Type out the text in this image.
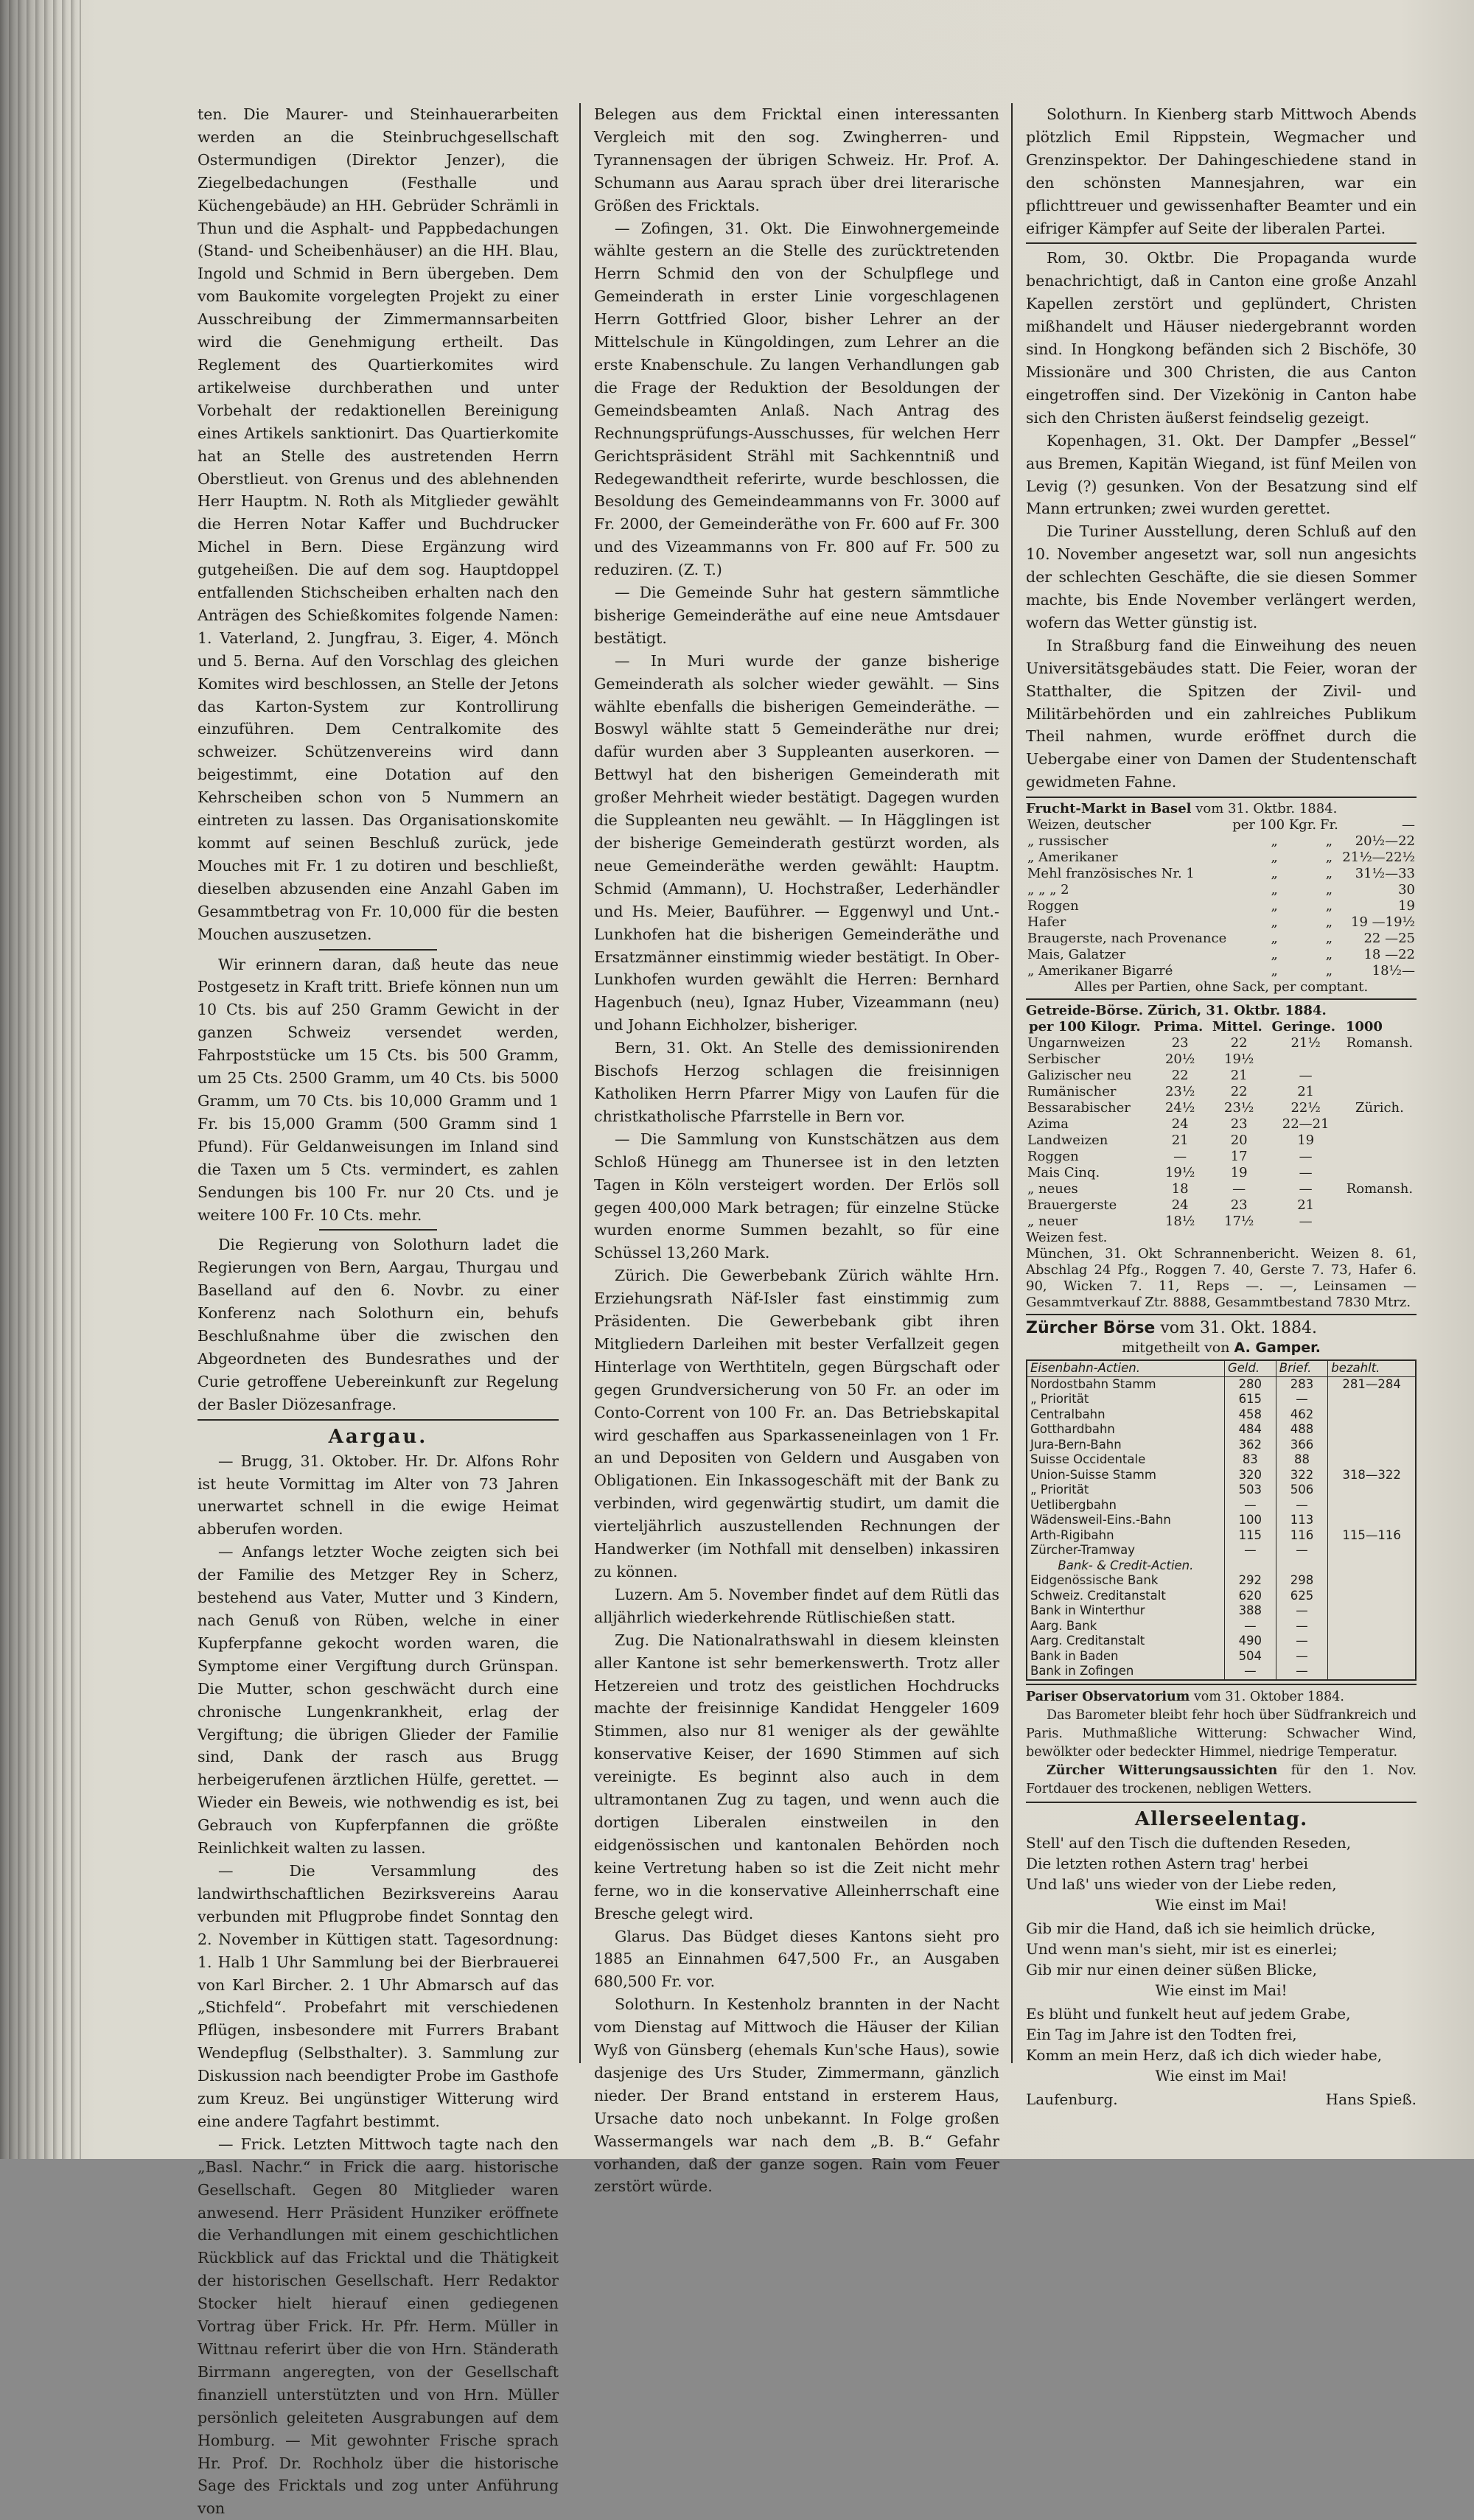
ten. Die Maurer- und Steinhauerarbeiten werden an die Steinbruchgesellschaft Ostermundigen (Direktor Jenzer), die Ziegelbedachungen (Festhalle und Küchengebäude) an HH. Gebrüder Schrämli in Thun und die Asphalt- und Pappbedachungen (Stand- und Scheibenhäuser) an die HH. Blau, Ingold und Schmid in Bern übergeben. Dem vom Baukomite vorgelegten Projekt zu einer Ausschreibung der Zimmermannsarbeiten wird die Genehmigung ertheilt. Das Reglement des Quartierkomites wird artikelweise durchberathen und unter Vorbehalt der redaktionellen Bereinigung eines Artikels sanktionirt. Das Quartierkomite hat an Stelle des austretenden Herrn Oberstlieut. von Grenus und des ablehnenden Herr Hauptm. N. Roth als Mitglieder gewählt die Herren Notar Kaffer und Buchdrucker Michel in Bern. Diese Ergänzung wird gutgeheißen. Die auf dem sog. Hauptdoppel entfallenden Stichscheiben erhalten nach den Anträgen des Schießkomites folgende Namen: 1. Vaterland, 2. Jungfrau, 3. Eiger, 4. Mönch und 5. Berna. Auf den Vorschlag des gleichen Komites wird beschlossen, an Stelle der Jetons das Karton-System zur Kontrollirung einzuführen. Dem Centralkomite des schweizer. Schützenvereins wird dann beigestimmt, eine Dotation auf den Kehrscheiben schon von 5 Nummern an eintreten zu lassen. Das Organisationskomite kommt auf seinen Beschluß zurück, jede Mouches mit Fr. 1 zu dotiren und beschließt, dieselben abzusenden eine Anzahl Gaben im Gesammtbetrag von Fr. 10,000 für die besten Mouchen auszusetzen.

Wir erinnern daran, daß heute das neue Postgesetz in Kraft tritt. Briefe können nun um 10 Cts. bis auf 250 Gramm Gewicht in der ganzen Schweiz versendet werden, Fahrpoststücke um 15 Cts. bis 500 Gramm, um 25 Cts. 2500 Gramm, um 40 Cts. bis 5000 Gramm, um 70 Cts. bis 10,000 Gramm und 1 Fr. bis 15,000 Gramm (500 Gramm sind 1 Pfund). Für Geldanweisungen im Inland sind die Taxen um 5 Cts. vermindert, es zahlen Sendungen bis 100 Fr. nur 20 Cts. und je weitere 100 Fr. 10 Cts. mehr.

Die Regierung von Solothurn ladet die Regierungen von Bern, Aargau, Thurgau und Baselland auf den 6. Novbr. zu einer Konferenz nach Solothurn ein, behufs Beschlußnahme über die zwischen den Abgeordneten des Bundesrathes und der Curie getroffene Uebereinkunft zur Regelung der Basler Diözesanfrage.

Aargau.

— Brugg, 31. Oktober. Hr. Dr. Alfons Rohr ist heute Vormittag im Alter von 73 Jahren unerwartet schnell in die ewige Heimat abberufen worden.

— Anfangs letzter Woche zeigten sich bei der Familie des Metzger Rey in Scherz, bestehend aus Vater, Mutter und 3 Kindern, nach Genuß von Rüben, welche in einer Kupferpfanne gekocht worden waren, die Symptome einer Vergiftung durch Grünspan. Die Mutter, schon geschwächt durch eine chronische Lungenkrankheit, erlag der Vergiftung; die übrigen Glieder der Familie sind, Dank der rasch aus Brugg herbeigerufenen ärztlichen Hülfe, gerettet. — Wieder ein Beweis, wie nothwendig es ist, bei Gebrauch von Kupferpfannen die größte Reinlichkeit walten zu lassen.

— Die Versammlung des landwirthschaftlichen Bezirksvereins Aarau verbunden mit Pflugprobe findet Sonntag den 2. November in Küttigen statt. Tagesordnung: 1. Halb 1 Uhr Sammlung bei der Bierbrauerei von Karl Bircher. 2. 1 Uhr Abmarsch auf das „Stichfeld“. Probefahrt mit verschiedenen Pflügen, insbesondere mit Furrers Brabant Wendepflug (Selbsthalter). 3. Sammlung zur Diskussion nach beendigter Probe im Gasthofe zum Kreuz. Bei ungünstiger Witterung wird eine andere Tagfahrt bestimmt.

— Frick. Letzten Mittwoch tagte nach den „Basl. Nachr.“ in Frick die aarg. historische Gesellschaft. Gegen 80 Mitglieder waren anwesend. Herr Präsident Hunziker eröffnete die Verhandlungen mit einem geschichtlichen Rückblick auf das Fricktal und die Thätigkeit der historischen Gesellschaft. Herr Redaktor Stocker hielt hierauf einen gediegenen Vortrag über Frick. Hr. Pfr. Herm. Müller in Wittnau referirt über die von Hrn. Ständerath Birrmann angeregten, von der Gesellschaft finanziell unterstützten und von Hrn. Müller persönlich geleiteten Ausgrabungen auf dem Homburg. — Mit gewohnter Frische sprach Hr. Prof. Dr. Rochholz über die historische Sage des Fricktals und zog unter Anführung von

Belegen aus dem Fricktal einen interessanten Vergleich mit den sog. Zwingherren- und Tyrannensagen der übrigen Schweiz. Hr. Prof. A. Schumann aus Aarau sprach über drei literarische Größen des Fricktals.

— Zofingen, 31. Okt. Die Einwohnergemeinde wählte gestern an die Stelle des zurücktretenden Herrn Schmid den von der Schulpflege und Gemeinderath in erster Linie vorgeschlagenen Herrn Gottfried Gloor, bisher Lehrer an der Mittelschule in Küngoldingen, zum Lehrer an die erste Knabenschule. Zu langen Verhandlungen gab die Frage der Reduktion der Besoldungen der Gemeindsbeamten Anlaß. Nach Antrag des Rechnungsprüfungs-Ausschusses, für welchen Herr Gerichtspräsident Strähl mit Sachkenntniß und Redegewandtheit referirte, wurde beschlossen, die Besoldung des Gemeindeammanns von Fr. 3000 auf Fr. 2000, der Gemeinderäthe von Fr. 600 auf Fr. 300 und des Vizeammanns von Fr. 800 auf Fr. 500 zu reduziren. (Z. T.)

— Die Gemeinde Suhr hat gestern sämmtliche bisherige Gemeinderäthe auf eine neue Amtsdauer bestätigt.

— In Muri wurde der ganze bisherige Gemeinderath als solcher wieder gewählt. — Sins wählte ebenfalls die bisherigen Gemeinderäthe. — Boswyl wählte statt 5 Gemeinderäthe nur drei; dafür wurden aber 3 Suppleanten auserkoren. — Bettwyl hat den bisherigen Gemeinderath mit großer Mehrheit wieder bestätigt. Dagegen wurden die Suppleanten neu gewählt. — In Hägglingen ist der bisherige Gemeinderath gestürzt worden, als neue Gemeinderäthe werden gewählt: Hauptm. Schmid (Ammann), U. Hochstraßer, Lederhändler und Hs. Meier, Bauführer. — Eggenwyl und Unt.-Lunkhofen hat die bisherigen Gemeinderäthe und Ersatzmänner einstimmig wieder bestätigt. In Ober-Lunkhofen wurden gewählt die Herren: Bernhard Hagenbuch (neu), Ignaz Huber, Vizeammann (neu) und Johann Eichholzer, bisheriger.

Bern, 31. Okt. An Stelle des demissionirenden Bischofs Herzog schlagen die freisinnigen Katholiken Herrn Pfarrer Migy von Laufen für die christkatholische Pfarrstelle in Bern vor.

— Die Sammlung von Kunstschätzen aus dem Schloß Hünegg am Thunersee ist in den letzten Tagen in Köln versteigert worden. Der Erlös soll gegen 400,000 Mark betragen; für einzelne Stücke wurden enorme Summen bezahlt, so für eine Schüssel 13,260 Mark.

Zürich. Die Gewerbebank Zürich wählte Hrn. Erziehungsrath Näf-Isler fast einstimmig zum Präsidenten. Die Gewerbebank gibt ihren Mitgliedern Darleihen mit bester Verfallzeit gegen Hinterlage von Werthtiteln, gegen Bürgschaft oder gegen Grundversicherung von 50 Fr. an oder im Conto-Corrent von 100 Fr. an. Das Betriebskapital wird geschaffen aus Sparkasseneinlagen von 1 Fr. an und Depositen von Geldern und Ausgaben von Obligationen. Ein Inkassogeschäft mit der Bank zu verbinden, wird gegenwärtig studirt, um damit die vierteljährlich auszustellenden Rechnungen der Handwerker (im Nothfall mit denselben) inkassiren zu können.

Luzern. Am 5. November findet auf dem Rütli das alljährlich wiederkehrende Rütlischießen statt.

Zug. Die Nationalrathswahl in diesem kleinsten aller Kantone ist sehr bemerkenswerth. Trotz aller Hetzereien und trotz des geistlichen Hochdrucks machte der freisinnige Kandidat Henggeler 1609 Stimmen, also nur 81 weniger als der gewählte konservative Keiser, der 1690 Stimmen auf sich vereinigte. Es beginnt also auch in dem ultramontanen Zug zu tagen, und wenn auch die dortigen Liberalen einstweilen in den eidgenössischen und kantonalen Behörden noch keine Vertretung haben so ist die Zeit nicht mehr ferne, wo in die konservative Alleinherrschaft eine Bresche gelegt wird.

Glarus. Das Büdget dieses Kantons sieht pro 1885 an Einnahmen 647,500 Fr., an Ausgaben 680,500 Fr. vor.

Solothurn. In Kestenholz brannten in der Nacht vom Dienstag auf Mittwoch die Häuser der Kilian Wyß von Günsberg (ehemals Kun'sche Haus), sowie dasjenige des Urs Studer, Zimmermann, gänzlich nieder. Der Brand entstand in ersterem Haus, Ursache dato noch unbekannt. In Folge großen Wassermangels war nach dem „B. B.“ Gefahr vorhanden, daß der ganze sogen. Rain vom Feuer zerstört würde.

Solothurn. In Kienberg starb Mittwoch Abends plötzlich Emil Rippstein, Wegmacher und Grenzinspektor. Der Dahingeschiedene stand in den schönsten Mannesjahren, war ein pflichttreuer und gewissenhafter Beamter und ein eifriger Kämpfer auf Seite der liberalen Partei.

Rom, 30. Oktbr. Die Propaganda wurde benachrichtigt, daß in Canton eine große Anzahl Kapellen zerstört und geplündert, Christen mißhandelt und Häuser niedergebrannt worden sind. In Hongkong befänden sich 2 Bischöfe, 30 Missionäre und 300 Christen, die aus Canton eingetroffen sind. Der Vizekönig in Canton habe sich den Christen äußerst feindselig gezeigt.

Kopenhagen, 31. Okt. Der Dampfer „Bessel“ aus Bremen, Kapitän Wiegand, ist fünf Meilen von Levig (?) gesunken. Von der Besatzung sind elf Mann ertrunken; zwei wurden gerettet.

Die Turiner Ausstellung, deren Schluß auf den 10. November angesetzt war, soll nun angesichts der schlechten Geschäfte, die sie diesen Sommer machte, bis Ende November verlängert werden, wofern das Wetter günstig ist.

In Straßburg fand die Einweihung des neuen Universitätsgebäudes statt. Die Feier, woran der Statthalter, die Spitzen der Zivil- und Militärbehörden und ein zahlreiches Publikum Theil nahmen, wurde eröffnet durch die Uebergabe einer von Damen der Studentenschaft gewidmeten Fahne.

Frucht-Markt in Basel vom 31. Oktbr. 1884.
Weizen, deutscher	per 100 Kgr.	Fr.	—
„ russischer	„	„	20½—22
„ Amerikaner	„	„	21½—22½
Mehl französisches Nr. 1	„	„	31½—33
„ „ „ 2	„	„	30
Roggen	„	„	19
Hafer	„	„	19 —19½
Braugerste, nach Provenance	„	„	22 —25
Mais, Galatzer	„	„	18 —22
„ Amerikaner Bigarré	„	„	18½—
Alles per Partien, ohne Sack, per comptant.
Getreide-Börse. Zürich, 31. Oktbr. 1884.
per 100 Kilogr.	Prima.	Mittel.	Geringe.	1000
Ungarnweizen	23	22	21½	Romansh.
Serbischer	20½	19½		
Galizischer neu	22	21	—	
Rumänischer	23½	22	21	
Bessarabischer	24½	23½	22½	Zürich.
Azima	24	23	22—21	
Landweizen	21	20	19	
Roggen	—	17	—	
Mais Cinq.	19½	19	—	
„ neues	18	—	—	Romansh.
Brauergerste	24	23	21	
„ neuer	18½	17½	—	
Weizen fest.
München, 31. Okt Schrannenbericht. Weizen 8. 61, Abschlag 24 Pfg., Roggen 7. 40, Gerste 7. 73, Hafer 6. 90, Wicken 7. 11, Reps —. —, Leinsamen — Gesammtverkauf Ztr. 8888, Gesammtbestand 7830 Mtrz.
Zürcher Börse vom 31. Okt. 1884.
mitgetheilt von A. Gamper.
Eisenbahn-Actien.	Geld.	Brief.	bezahlt.
Nordostbahn Stamm	280	283	281—284
„ Priorität	615	—	
Centralbahn	458	462	
Gotthardbahn	484	488	
Jura-Bern-Bahn	362	366	
Suisse Occidentale	83	88	
Union-Suisse Stamm	320	322	318—322
„ Priorität	503	506	
Uetlibergbahn	—	—	
Wädensweil-Eins.-Bahn	100	113	
Arth-Rigibahn	115	116	115—116
Zürcher-Tramway	—	—	
Bank- & Credit-Actien.			
Eidgenössische Bank	292	298	
Schweiz. Creditanstalt	620	625	
Bank in Winterthur	388	—	
Aarg. Bank	—	—	
Aarg. Creditanstalt	490	—	
Bank in Baden	504	—	
Bank in Zofingen	—	—	
Pariser Observatorium vom 31. Oktober 1884.
Das Barometer bleibt fehr hoch über Südfrankreich und Paris. Muthmaßliche Witterung: Schwacher Wind, bewölkter oder bedeckter Himmel, niedrige Temperatur.
Zürcher Witterungsaussichten für den 1. Nov. Fortdauer des trockenen, nebligen Wetters.
Allerseelentag.
Stell' auf den Tisch die duftenden Reseden,
Die letzten rothen Astern trag' herbei
Und laß' uns wieder von der Liebe reden,
Wie einst im Mai!
Gib mir die Hand, daß ich sie heimlich drücke,
Und wenn man's sieht, mir ist es einerlei;
Gib mir nur einen deiner süßen Blicke,
Wie einst im Mai!
Es blüht und funkelt heut auf jedem Grabe,
Ein Tag im Jahre ist den Todten frei,
Komm an mein Herz, daß ich dich wieder habe,
Wie einst im Mai!
Laufenburg.	Hans Spieß.
